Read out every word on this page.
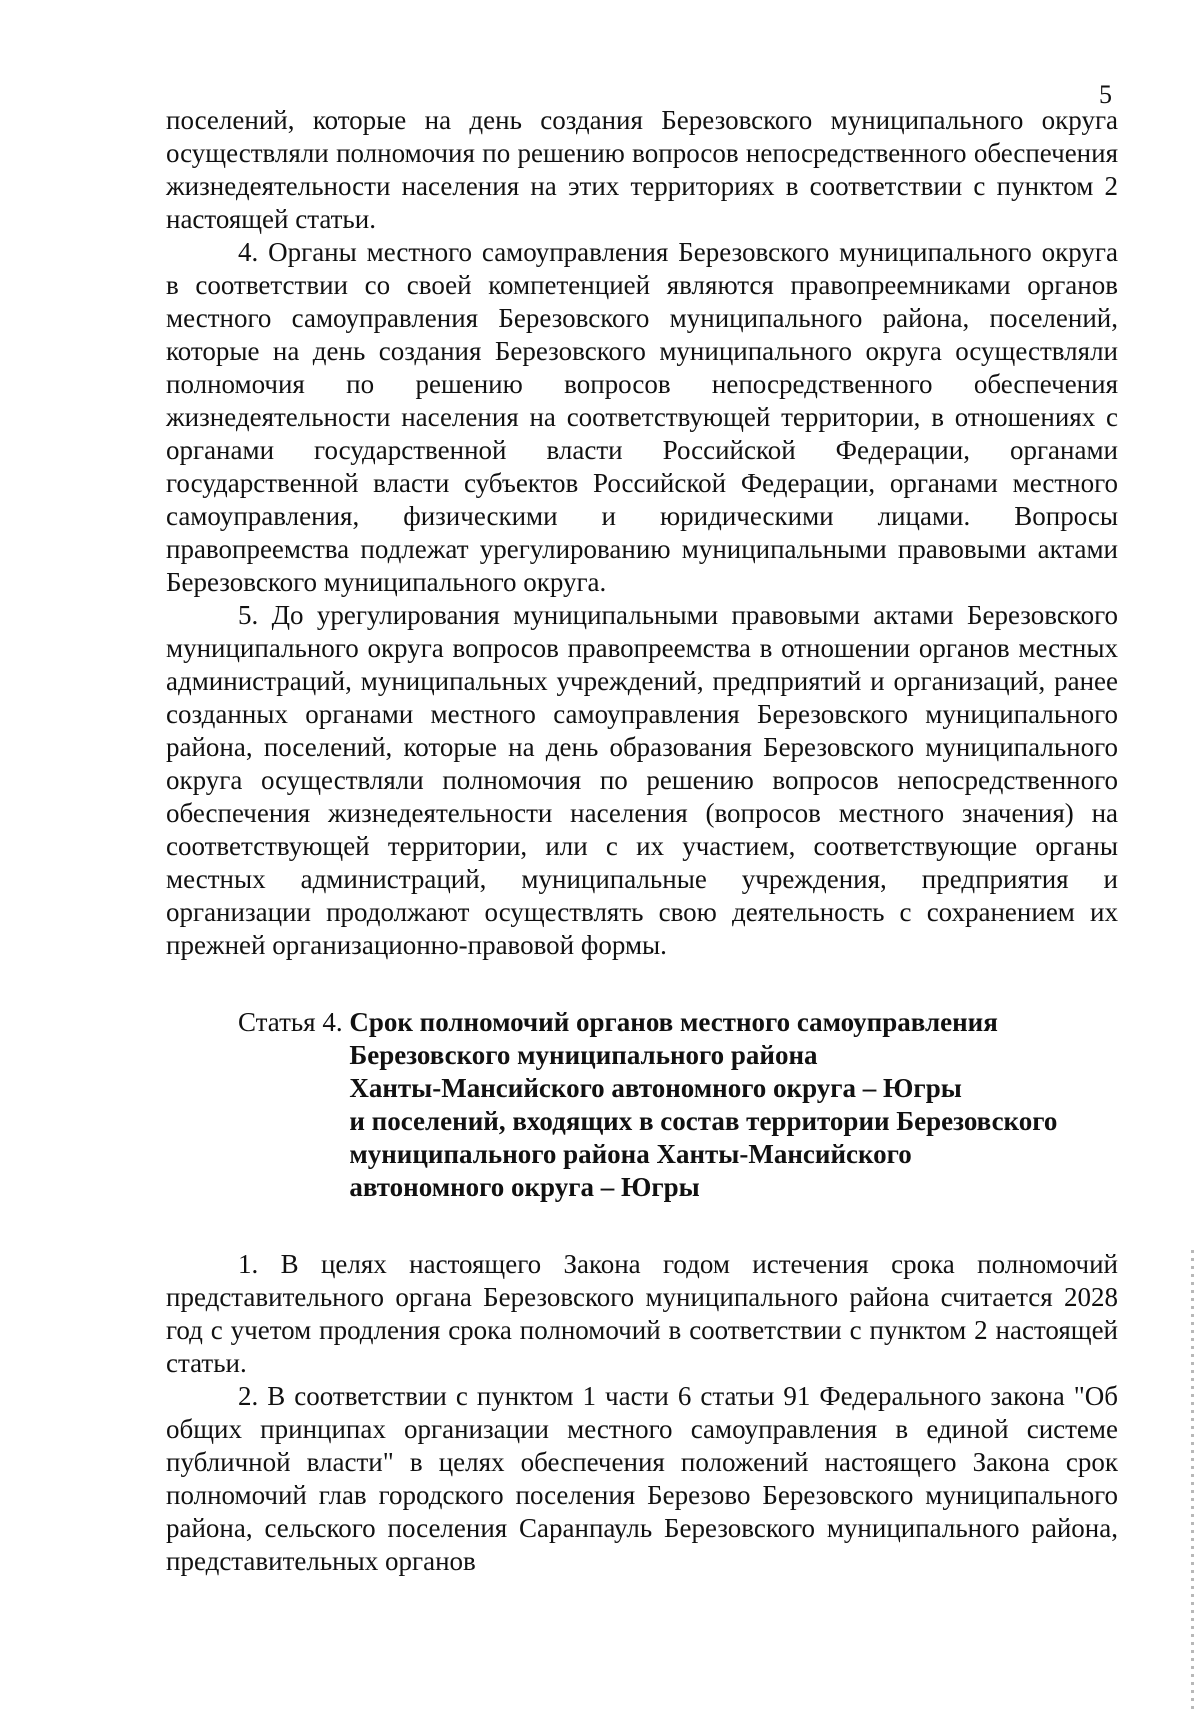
5

поселений, которые на день создания Березовского муниципального округа осуществляли полномочия по решению вопросов непосредственного обеспечения жизнедеятельности населения на этих территориях в соответствии с пунктом 2 настоящей статьи.

4. Органы местного самоуправления Березовского муниципального округа в соответствии со своей компетенцией являются правопреемниками органов местного самоуправления Березовского муниципального района, поселений, которые на день создания Березовского муниципального округа осуществляли полномочия по решению вопросов непосредственного обеспечения жизнедеятельности населения на соответствующей территории, в отношениях с органами государственной власти Российской Федерации, органами государственной власти субъектов Российской Федерации, органами местного самоуправления, физическими и юридическими лицами. Вопросы правопреемства подлежат урегулированию муниципальными правовыми актами Березовского муниципального округа.

5. До урегулирования муниципальными правовыми актами Березовского муниципального округа вопросов правопреемства в отношении органов местных администраций, муниципальных учреждений, предприятий и организаций, ранее созданных органами местного самоуправления Березовского муниципального района, поселений, которые на день образования Березовского муниципального округа осуществляли полномочия по решению вопросов непосредственного обеспечения жизнедеятельности населения (вопросов местного значения) на соответствующей территории, или с их участием, соответствующие органы местных администраций, муниципальные учреждения, предприятия и организации продолжают осуществлять свою деятельность с сохранением их прежней организационно-правовой формы.

Статья 4. Срок полномочий органов местного самоуправления
Березовского муниципального района
Ханты-Мансийского автономного округа – Югры
и поселений, входящих в состав территории Березовского
муниципального района Ханты-Мансийского
автономного округа – Югры

1. В целях настоящего Закона годом истечения срока полномочий представительного органа Березовского муниципального района считается 2028 год с учетом продления срока полномочий в соответствии с пунктом 2 настоящей статьи.

2. В соответствии с пунктом 1 части 6 статьи 91 Федерального закона "Об общих принципах организации местного самоуправления в единой системе публичной власти" в целях обеспечения положений настоящего Закона срок полномочий глав городского поселения Березово Березовского муниципального района, сельского поселения Саранпауль Березовского муниципального района, представительных органов
